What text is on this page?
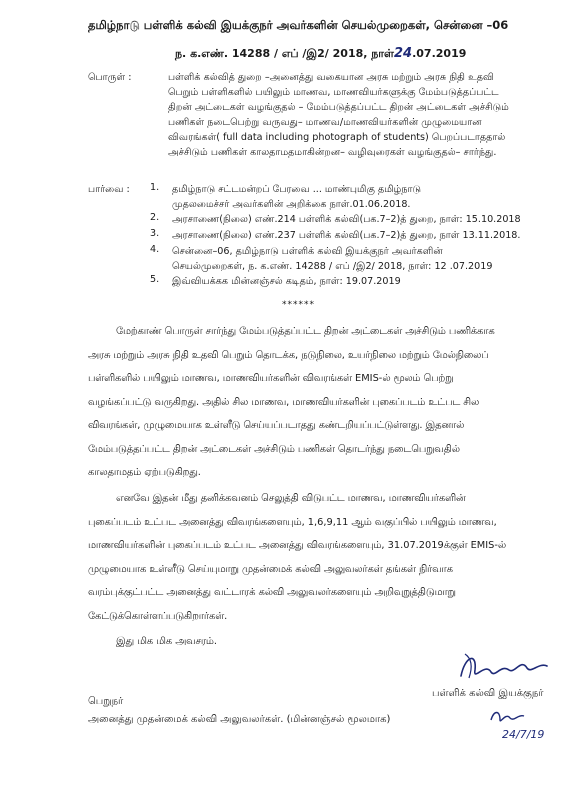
தமிழ்நாடு பள்ளிக் கல்வி இயக்குநர் அவர்களின் செயல்முறைகள், சென்னை –06
ந. க.எண். 14288 / எப் /இ2/ 2018, நாள்24.07.2019
பொருள் :	பள்ளிக் கல்வித் துறை –அனைத்து வகையான அரசு மற்றும் அரசு நிதி உதவி
பெறும் பள்ளிகளில் பயிலும் மாணவ, மாணவியர்களுக்கு மேம்படுத்தப்பட்ட
திறன் அட்டைகள் வழங்குதல் – மேம்படுத்தப்பட்ட திறன் அட்டைகள் அச்சிடும்
பணிகள் நடைபெற்று வருவது– மாணவ/மாணவியர்களின் முழுமையான
விவரங்கள்( full data including photograph of students) பெறப்படாததால்
அச்சிடும் பணிகள் காலதாமதமாகின்றன– வழிவுரைகள் வழங்குதல்– சார்ந்து.
பார்வை : 1. தமிழ்நாடு சட்டமன்றப் பேரவை ... மாண்புமிகு தமிழ்நாடு
முதலமைச்சர் அவர்களின் அறிக்கை நாள்.01.06.2018.
2. அரசாணை(நிலை) எண்.214 பள்ளிக் கல்வி(பக.7–2)த் துறை, நாள்: 15.10.2018
3. அரசாணை(நிலை) எண்.237 பள்ளிக் கல்வி(பக.7–2)த் துறை, நாள் 13.11.2018.
4. சென்னை–06, தமிழ்நாடு பள்ளிக் கல்வி இயக்குநர் அவர்களின்
செயல்முறைகள், ந. க.எண். 14288 / எப் /இ2/ 2018, நாள்: 12 .07.2019
5. இவ்வியக்கக மின்னஞ்சல் கடிதம், நாள்: 19.07.2019
******
மேற்காண் பொருள் சார்ந்து மேம்படுத்தப்பட்ட திறன் அட்டைகள் அச்சிடும் பணிக்காக
அரசு மற்றும் அரசு நிதி உதவி பெறும் தொடக்க, நடுநிலை, உயர்நிலை மற்றும் மேல்நிலைப்
பள்ளிகளில் பயிலும் மாணவ, மாணவியர்களின் விவரங்கள் EMIS-ல் மூலம் பெற்று
வழங்கப்பட்டு வருகிறது. அதில் சில மாணவ, மாணவியர்களின் புகைப்படம் உட்பட சில
விவரங்கள், முழுமையாக உள்ளீடு செய்யப்படாதது கண்டறியப்பட்டுள்ளது. இதனால்
மேம்படுத்தப்பட்ட திறன் அட்டைகள் அச்சிடும் பணிகள் தொடர்ந்து நடைபெறுவதில்
காலதாமதம் ஏற்படுகிறது.
எனவே இதன் மீது தனிக்கவனம் செலுத்தி விடுபட்ட மாணவ, மாணவியர்களின்
புகைப்படம் உட்பட அனைத்து விவரங்களையும், 1,6,9,11 ஆம் வகுப்பில் பயிலும் மாணவ,
மாணவியர்களின் புகைப்படம் உட்பட அனைத்து விவரங்களையும், 31.07.2019க்குள் EMIS-ல்
முழுமையாக உள்ளீடு செய்யுமாறு முதன்மைக் கல்வி அலுவலர்கள் தங்கள் நிர்வாக
வரம்புக்குட்பட்ட அனைத்து வட்டாரக் கல்வி அலுவலர்களையும் அறிவுறுத்திடுமாறு
கேட்டுக்கொள்ளப்படுகிறார்கள்.
இது மிக மிக அவசரம்.
பள்ளிக் கல்வி இயக்குநர்
24/7/19
பெறுநர்
அனைத்து முதன்மைக் கல்வி அலுவலர்கள். (மின்னஞ்சல் மூலமாக)
